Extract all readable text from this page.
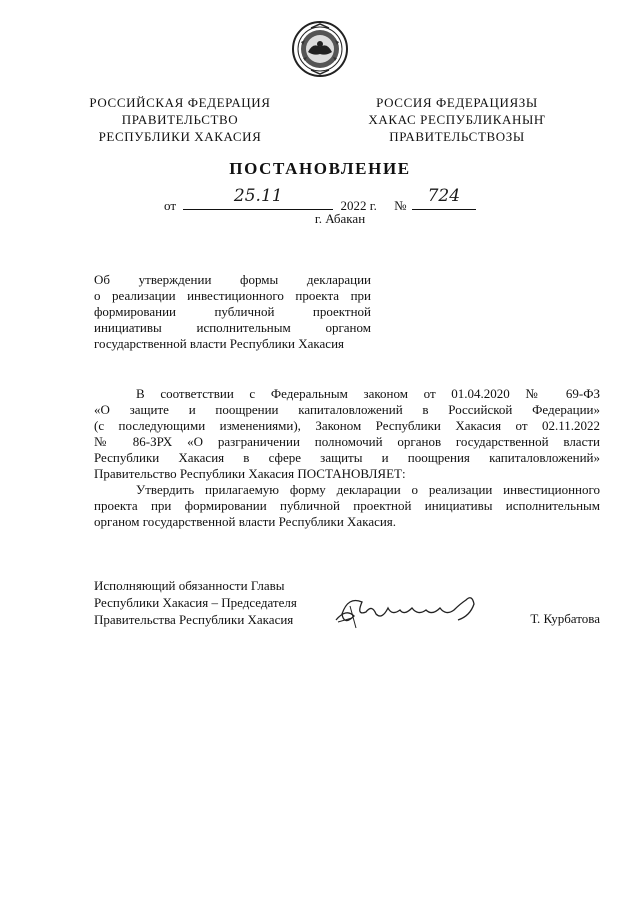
РОССИЙСКАЯ ФЕДЕРАЦИЯ
ПРАВИТЕЛЬСТВО
РЕСПУБЛИКИ ХАКАСИЯ
РОССИЯ ФЕДЕРАЦИЯЗЫ
ХАКАС РЕСПУБЛИКАНЫҤ
ПРАВИТЕЛЬСТВОЗЫ
ПОСТАНОВЛЕНИЕ
от	25.11	2022 г. №	724
г. Абакан
Об утверждении формы декларации
о реализации инвестиционного проекта при
формировании публичной проектной
инициативы исполнительным органом
государственной власти Республики Хакасия
В соответствии с Федеральным законом от 01.04.2020 № 69-ФЗ
«О защите и поощрении капиталовложений в Российской Федерации»
(с последующими изменениями), Законом Республики Хакасия от 02.11.2022
№ 86-ЗРХ «О разграничении полномочий органов государственной власти
Республики Хакасия в сфере защиты и поощрения капиталовложений»
Правительство Республики Хакасия ПОСТАНОВЛЯЕТ:
Утвердить прилагаемую форму декларации о реализации инвестиционного
проекта при формировании публичной проектной инициативы исполнительным
органом государственной власти Республики Хакасия.
Исполняющий обязанности Главы
Республики Хакасия – Председателя
Правительства Республики Хакасия	Т. Курбатова
